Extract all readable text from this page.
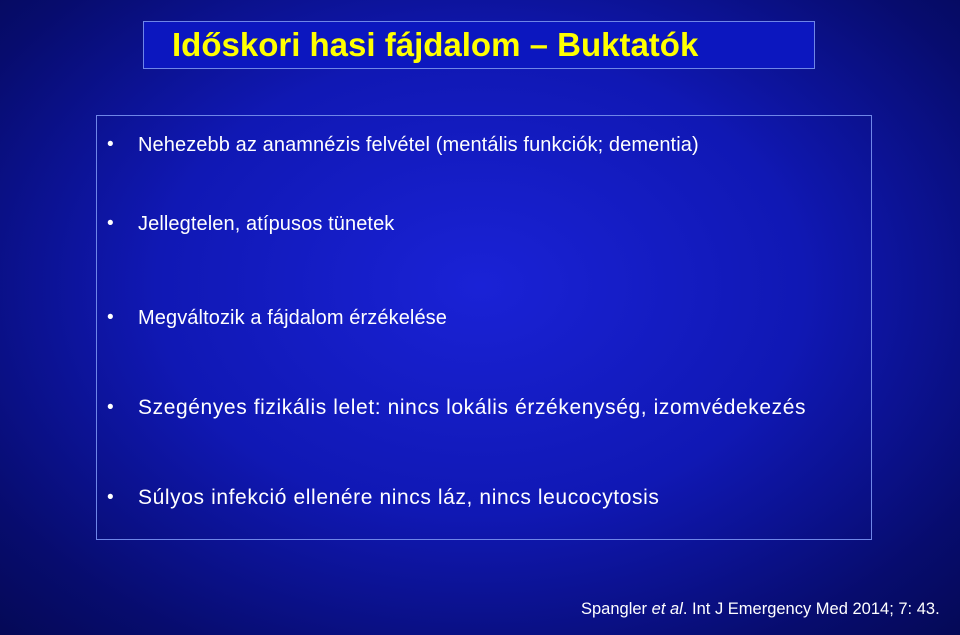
Időskori hasi fájdalom – Buktatók
• Nehezebb az anamnézis felvétel (mentális funkciók; dementia)
• Jellegtelen, atípusos tünetek
• Megváltozik a fájdalom érzékelése
• Szegényes fizikális lelet: nincs lokális érzékenység, izomvédekezés
• Súlyos infekció ellenére nincs láz, nincs leucocytosis
Spangler et al. Int J Emergency Med 2014; 7: 43.
